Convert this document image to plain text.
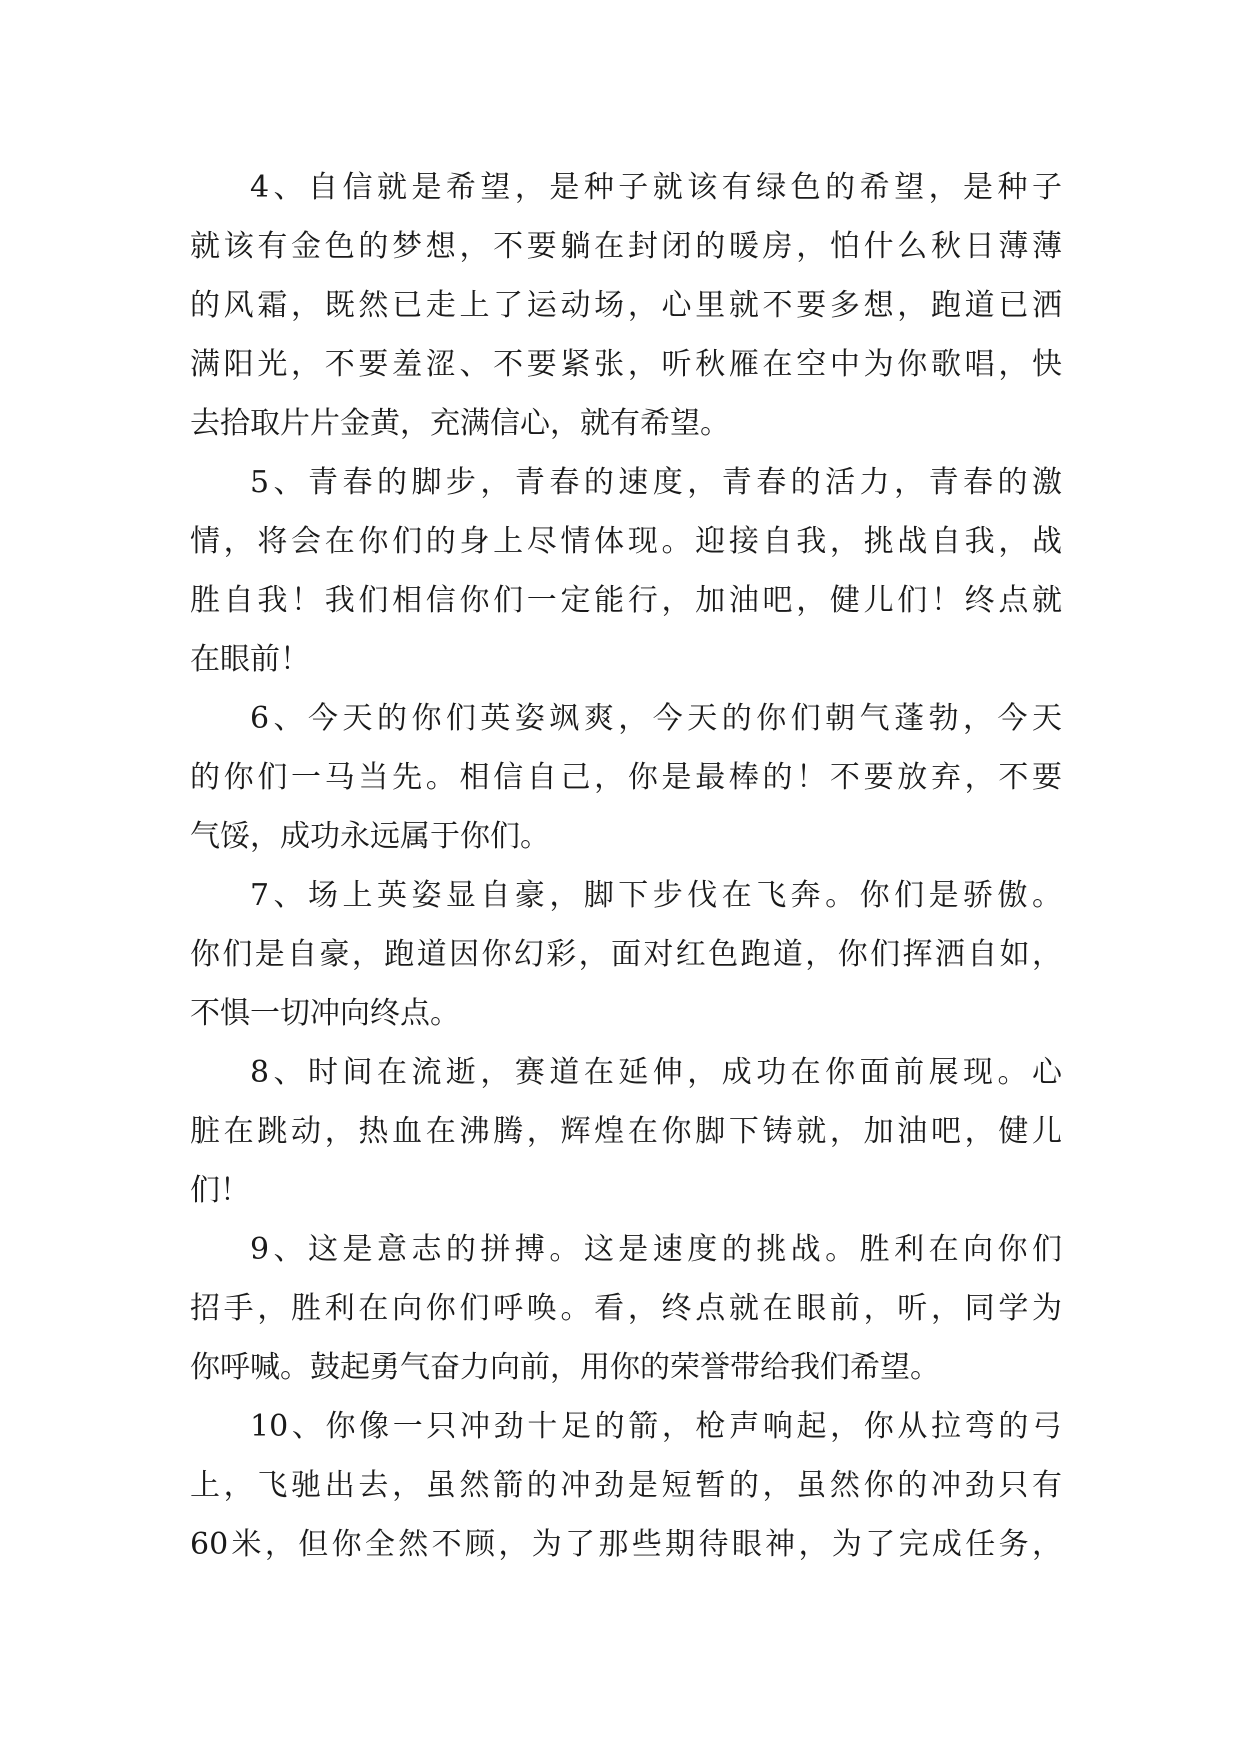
4、自信就是希望，是种子就该有绿色的希望，是种子
就该有金色的梦想，不要躺在封闭的暖房，怕什么秋日薄薄
的风霜，既然已走上了运动场，心里就不要多想，跑道已洒
满阳光，不要羞涩、不要紧张，听秋雁在空中为你歌唱，快
去拾取片片金黄，充满信心，就有希望。
5、青春的脚步，青春的速度，青春的活力，青春的激
情，将会在你们的身上尽情体现。迎接自我，挑战自我，战
胜自我！我们相信你们一定能行，加油吧，健儿们！终点就
在眼前！
6、今天的你们英姿飒爽，今天的你们朝气蓬勃，今天
的你们一马当先。相信自己，你是最棒的！不要放弃，不要
气馁，成功永远属于你们。
7、场上英姿显自豪，脚下步伐在飞奔。你们是骄傲。
你们是自豪，跑道因你幻彩，面对红色跑道，你们挥洒自如，
不惧一切冲向终点。
8、时间在流逝，赛道在延伸，成功在你面前展现。心
脏在跳动，热血在沸腾，辉煌在你脚下铸就，加油吧，健儿
们！
9、这是意志的拼搏。这是速度的挑战。胜利在向你们
招手，胜利在向你们呼唤。看，终点就在眼前，听，同学为
你呼喊。鼓起勇气奋力向前，用你的荣誉带给我们希望。
10、你像一只冲劲十足的箭，枪声响起，你从拉弯的弓
上，飞驰出去，虽然箭的冲劲是短暂的，虽然你的冲劲只有
60米，但你全然不顾，为了那些期待眼神，为了完成任务，
